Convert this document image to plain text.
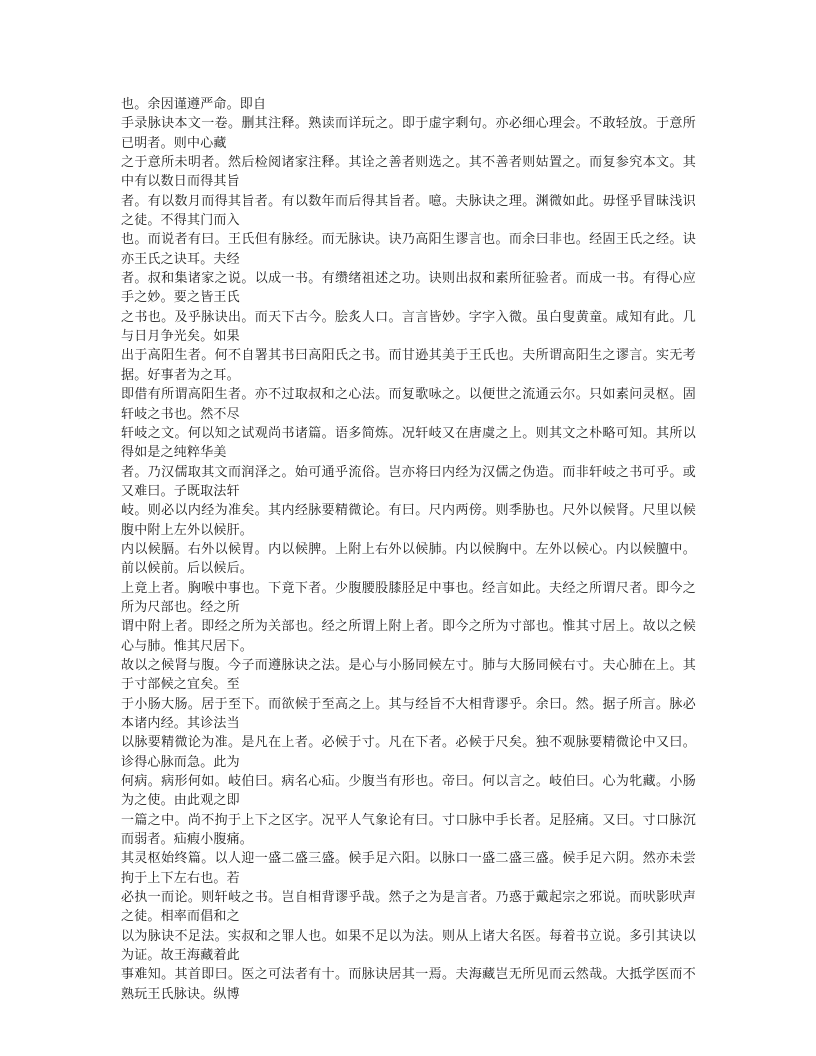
也。余因谨遵严命。即自
手录脉诀本文一卷。删其注释。熟读而详玩之。即于虚字剩句。亦必细心理会。不敢轻放。于意所已明者。则中心藏
之于意所未明者。然后检阅诸家注释。其诠之善者则选之。其不善者则姑置之。而复参究本文。其中有以数日而得其旨
者。有以数月而得其旨者。有以数年而后得其旨者。噫。夫脉诀之理。渊微如此。毋怪乎冒昧浅识之徒。不得其门而入
也。而说者有曰。王氏但有脉经。而无脉诀。诀乃高阳生谬言也。而余曰非也。经固王氏之经。诀亦王氏之诀耳。夫经
者。叔和集诸家之说。以成一书。有缵绪祖述之功。诀则出叔和素所征验者。而成一书。有得心应手之妙。要之皆王氏
之书也。及乎脉诀出。而天下古今。脍炙人口。言言皆妙。字字入微。虽白叟黄童。咸知有此。几与日月争光矣。如果
出于高阳生者。何不自署其书曰高阳氏之书。而甘逊其美于王氏也。夫所谓高阳生之谬言。实无考据。好事者为之耳。
即借有所谓高阳生者。亦不过取叔和之心法。而复歌咏之。以便世之流通云尔。只如素问灵枢。固轩岐之书也。然不尽
轩岐之文。何以知之试观尚书诸篇。语多简炼。况轩岐又在唐虞之上。则其文之朴略可知。其所以得如是之纯粹华美
者。乃汉儒取其文而润泽之。始可通乎流俗。岂亦将曰内经为汉儒之伪造。而非轩岐之书可乎。或又难曰。子既取法轩
岐。则必以内经为准矣。其内经脉要精微论。有曰。尺内两傍。则季胁也。尺外以候肾。尺里以候腹中附上左外以候肝。
内以候膈。右外以候胃。内以候脾。上附上右外以候肺。内以候胸中。左外以候心。内以候膻中。前以候前。后以候后。
上竟上者。胸喉中事也。下竟下者。少腹腰股膝胫足中事也。经言如此。夫经之所谓尺者。即今之所为尺部也。经之所
谓中附上者。即经之所为关部也。经之所谓上附上者。即今之所为寸部也。惟其寸居上。故以之候心与肺。惟其尺居下。
故以之候肾与腹。今子而遵脉诀之法。是心与小肠同候左寸。肺与大肠同候右寸。夫心肺在上。其于寸部候之宜矣。至
于小肠大肠。居于至下。而欲候于至高之上。其与经旨不大相背谬乎。余曰。然。据子所言。脉必本诸内经。其诊法当
以脉要精微论为准。是凡在上者。必候于寸。凡在下者。必候于尺矣。独不观脉要精微论中又曰。诊得心脉而急。此为
何病。病形何如。岐伯曰。病名心疝。少腹当有形也。帝曰。何以言之。岐伯曰。心为牝藏。小肠为之使。由此观之即
一篇之中。尚不拘于上下之区字。况平人气象论有曰。寸口脉中手长者。足胫痛。又曰。寸口脉沉而弱者。疝瘕小腹痛。
其灵枢始终篇。以人迎一盛二盛三盛。候手足六阳。以脉口一盛二盛三盛。候手足六阴。然亦未尝拘于上下左右也。若
必执一而论。则轩岐之书。岂自相背谬乎哉。然子之为是言者。乃惑于戴起宗之邪说。而吠影吠声之徒。相率而倡和之
以为脉诀不足法。实叔和之罪人也。如果不足以为法。则从上诸大名医。每着书立说。多引其诀以为证。故王海藏着此
事难知。其首即曰。医之可法者有十。而脉诀居其一焉。夫海藏岂无所见而云然哉。大抵学医而不熟玩王氏脉诀。纵博
